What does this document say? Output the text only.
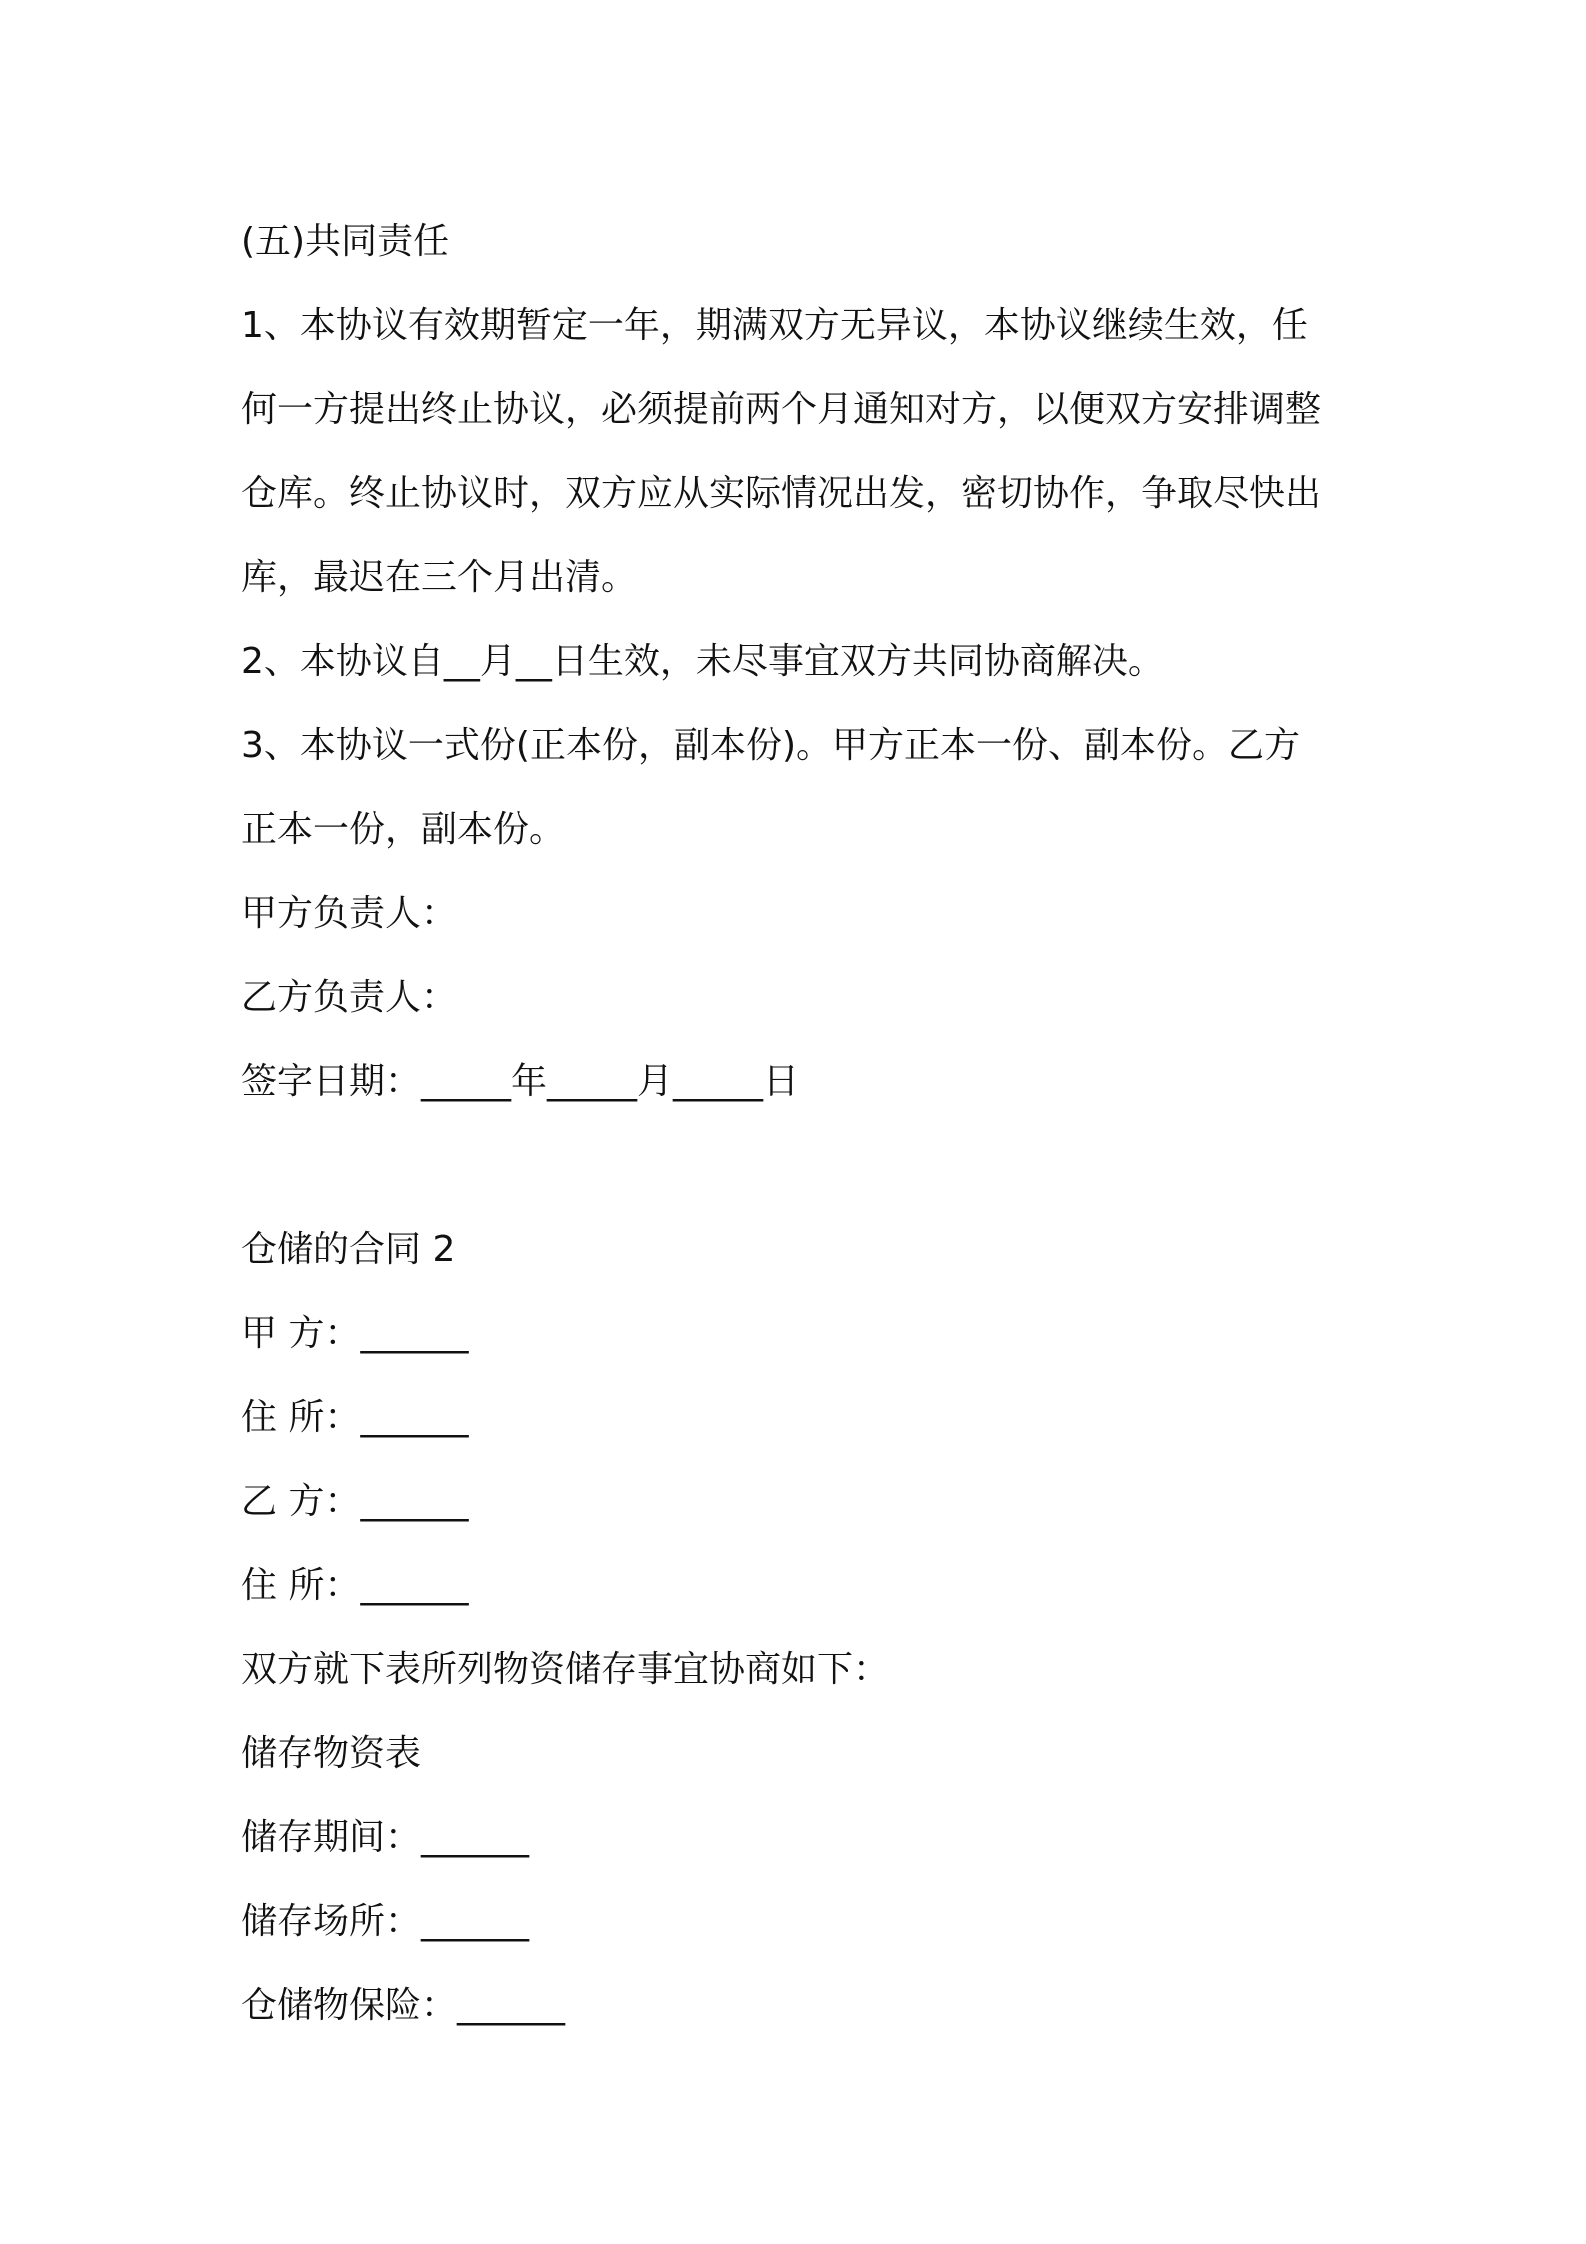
(五)共同责任
1、本协议有效期暂定一年，期满双方无异议，本协议继续生效，任
何一方提出终止协议，必须提前两个月通知对方，以便双方安排调整
仓库。终止协议时，双方应从实际情况出发，密切协作，争取尽快出
库，最迟在三个月出清。
2、本协议自__月__日生效，未尽事宜双方共同协商解决。
3、本协议一式份(正本份，副本份)。甲方正本一份、副本份。乙方
正本一份，副本份。
甲方负责人：
乙方负责人：
签字日期：_____年_____月_____日
仓储的合同 2
甲 方：______
住 所：______
乙 方：______
住 所：______
双方就下表所列物资储存事宜协商如下：
储存物资表
储存期间：______
储存场所：______
仓储物保险：______
